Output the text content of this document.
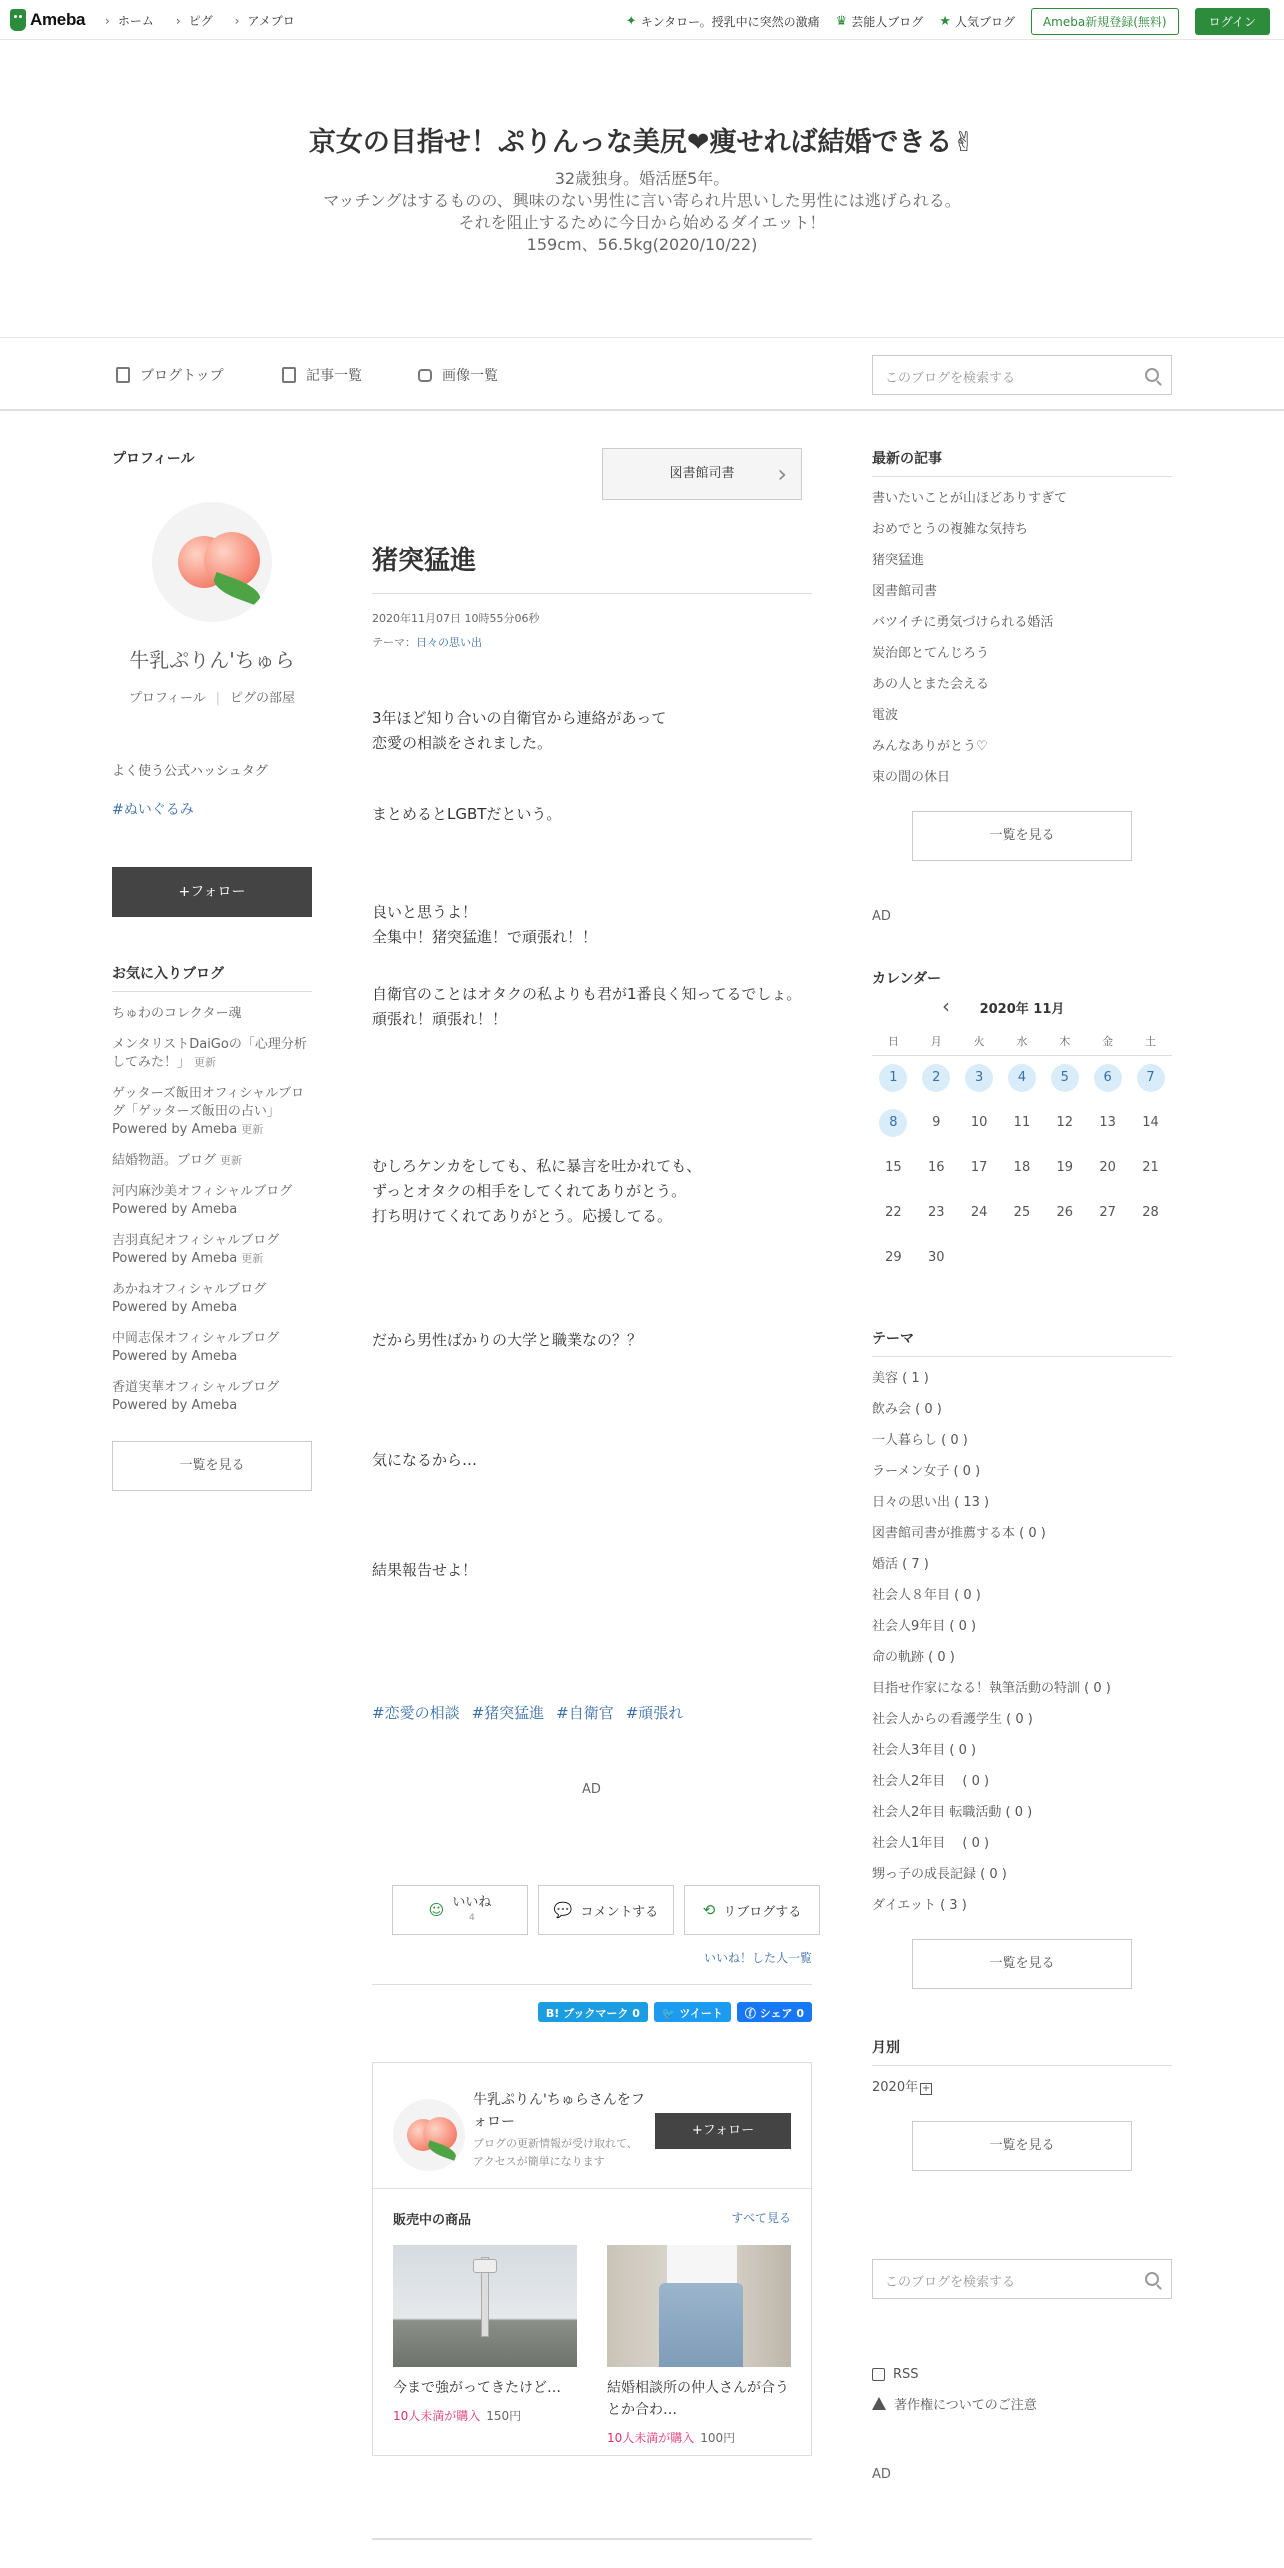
Ameba	› ホーム	› ピグ	› アメブロ	✦ キンタロー。授乳中に突然の激痛 ♛ 芸能人ブログ ★ 人気ブログ	Ameba新規登録(無料)	ログイン
京女の目指せ！ぷりんっな美尻❤痩せれば結婚できる✌
32歳独身。婚活歴5年。
マッチングはするものの、興味のない男性に言い寄られ片思いした男性には逃げられる。
それを阻止するために今日から始めるダイエット！
159cm、56.5kg(2020/10/22)
ブログトップ	記事一覧	画像一覧	このブログを検索する
プロフィール
牛乳ぷりん'ちゅら
プロフィール | ピグの部屋
よく使う公式ハッシュタグ
#ぬいぐるみ
+フォロー
お気に入りブログ
ちゅわのコレクター魂
メンタリストDaiGoの「心理分析してみた！」 更新
ゲッターズ飯田オフィシャルブログ「ゲッターズ飯田の占い」Powered by Ameba 更新
結婚物語。ブログ 更新
河内麻沙美オフィシャルブログ Powered by Ameba
吉羽真紀オフィシャルブログ Powered by Ameba 更新
あかねオフィシャルブログ Powered by Ameba
中岡志保オフィシャルブログ Powered by Ameba
香道実華オフィシャルブログ Powered by Ameba
一覧を見る
図書館司書 ›
猪突猛進
2020年11月07日 10時55分06秒
テーマ：日々の思い出

3年ほど知り合いの自衛官から連絡があって
恋愛の相談をされました。

まとめるとLGBTだという。

良いと思うよ！
全集中！猪突猛進！で頑張れ！！

自衛官のことはオタクの私よりも君が1番良く知ってるでしょ。
頑張れ！頑張れ！！

むしろケンカをしても、私に暴言を吐かれても、
ずっとオタクの相手をしてくれてありがとう。
打ち明けてくれてありがとう。応援してる。

だから男性ばかりの大学と職業なの？？

気になるから…

結果報告せよ！

#恋愛の相談 #猪突猛進 #自衛官 #頑張れ
AD
☺ いいね
4	💬 コメントする	⟲ リブログする
いいね！した人一覧
B! ブックマーク 0	🐦 ツイート	ⓕ シェア 0
牛乳ぷりん'ちゅらさんをフォロー
ブログの更新情報が受け取れて、アクセスが簡単になります
+フォロー
販売中の商品	すべて見る
今まで強がってきたけど…
10人未満が購入 150円
結婚相談所の仲人さんが合うとか合わ…
10人未満が購入 100円
最新の記事
書いたいことが山ほどありすぎて
おめでとうの複雑な気持ち
猪突猛進
図書館司書
バツイチに勇気づけられる婚活
炭治郎とてんじろう
あの人とまた会える
電波
みんなありがとう♡
束の間の休日
一覧を見る
AD
カレンダー
‹ 2020年 11月
日	月	火	水	木	金	土
1	2	3	4	5	6	7
8	9	10	11	12	13	14
15	16	17	18	19	20	21
22	23	24	25	26	27	28
29	30					
テーマ
美容 ( 1 )
飲み会 ( 0 )
一人暮らし ( 0 )
ラーメン女子 ( 0 )
日々の思い出 ( 13 )
図書館司書が推薦する本 ( 0 )
婚活 ( 7 )
社会人８年目 ( 0 )
社会人9年目 ( 0 )
命の軌跡 ( 0 )
目指せ作家になる！執筆活動の特訓 ( 0 )
社会人からの看護学生 ( 0 )
社会人3年目 ( 0 )
社会人2年目　 ( 0 )
社会人2年目 転職活動 ( 0 )
社会人1年目　 ( 0 )
甥っ子の成長記録 ( 0 )
ダイエット ( 3 )
一覧を見る
月別
2020年 +
一覧を見る
このブログを検索する
RSS
著作権についてのご注意
AD
